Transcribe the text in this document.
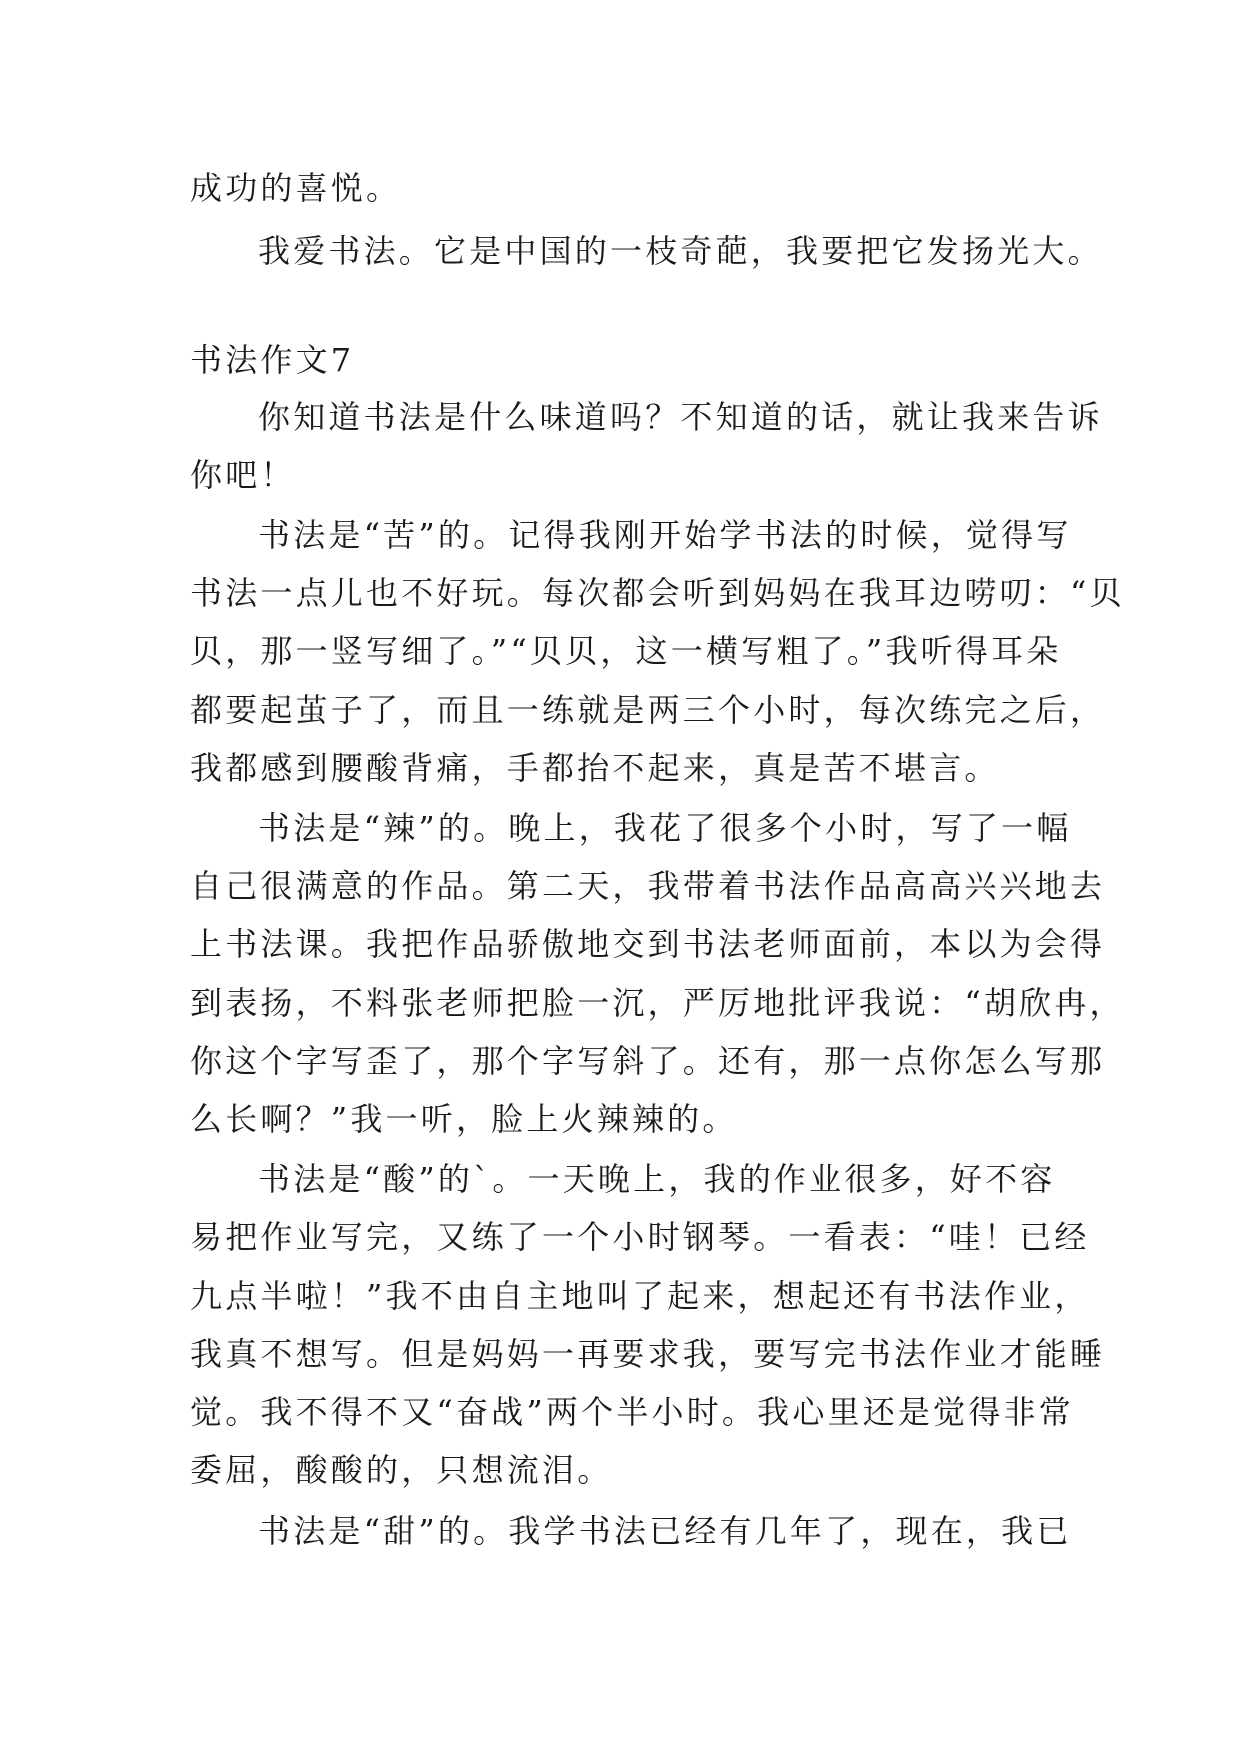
成功的喜悦。
我爱书法。它是中国的一枝奇葩，我要把它发扬光大。
书法作文7
你知道书法是什么味道吗？不知道的话，就让我来告诉
你吧！
书法是“苦”的。记得我刚开始学书法的时候，觉得写
书法一点儿也不好玩。每次都会听到妈妈在我耳边唠叨：“贝
贝，那一竖写细了。”“贝贝，这一横写粗了。”我听得耳朵
都要起茧子了，而且一练就是两三个小时，每次练完之后，
我都感到腰酸背痛，手都抬不起来，真是苦不堪言。
书法是“辣”的。晚上，我花了很多个小时，写了一幅
自己很满意的作品。第二天，我带着书法作品高高兴兴地去
上书法课。我把作品骄傲地交到书法老师面前，本以为会得
到表扬，不料张老师把脸一沉，严厉地批评我说：“胡欣冉，
你这个字写歪了，那个字写斜了。还有，那一点你怎么写那
么长啊？”我一听，脸上火辣辣的。
书法是“酸”的`。一天晚上，我的作业很多，好不容
易把作业写完，又练了一个小时钢琴。一看表：“哇！已经
九点半啦！”我不由自主地叫了起来，想起还有书法作业，
我真不想写。但是妈妈一再要求我，要写完书法作业才能睡
觉。我不得不又“奋战”两个半小时。我心里还是觉得非常
委屈，酸酸的，只想流泪。
书法是“甜”的。我学书法已经有几年了，现在，我已
